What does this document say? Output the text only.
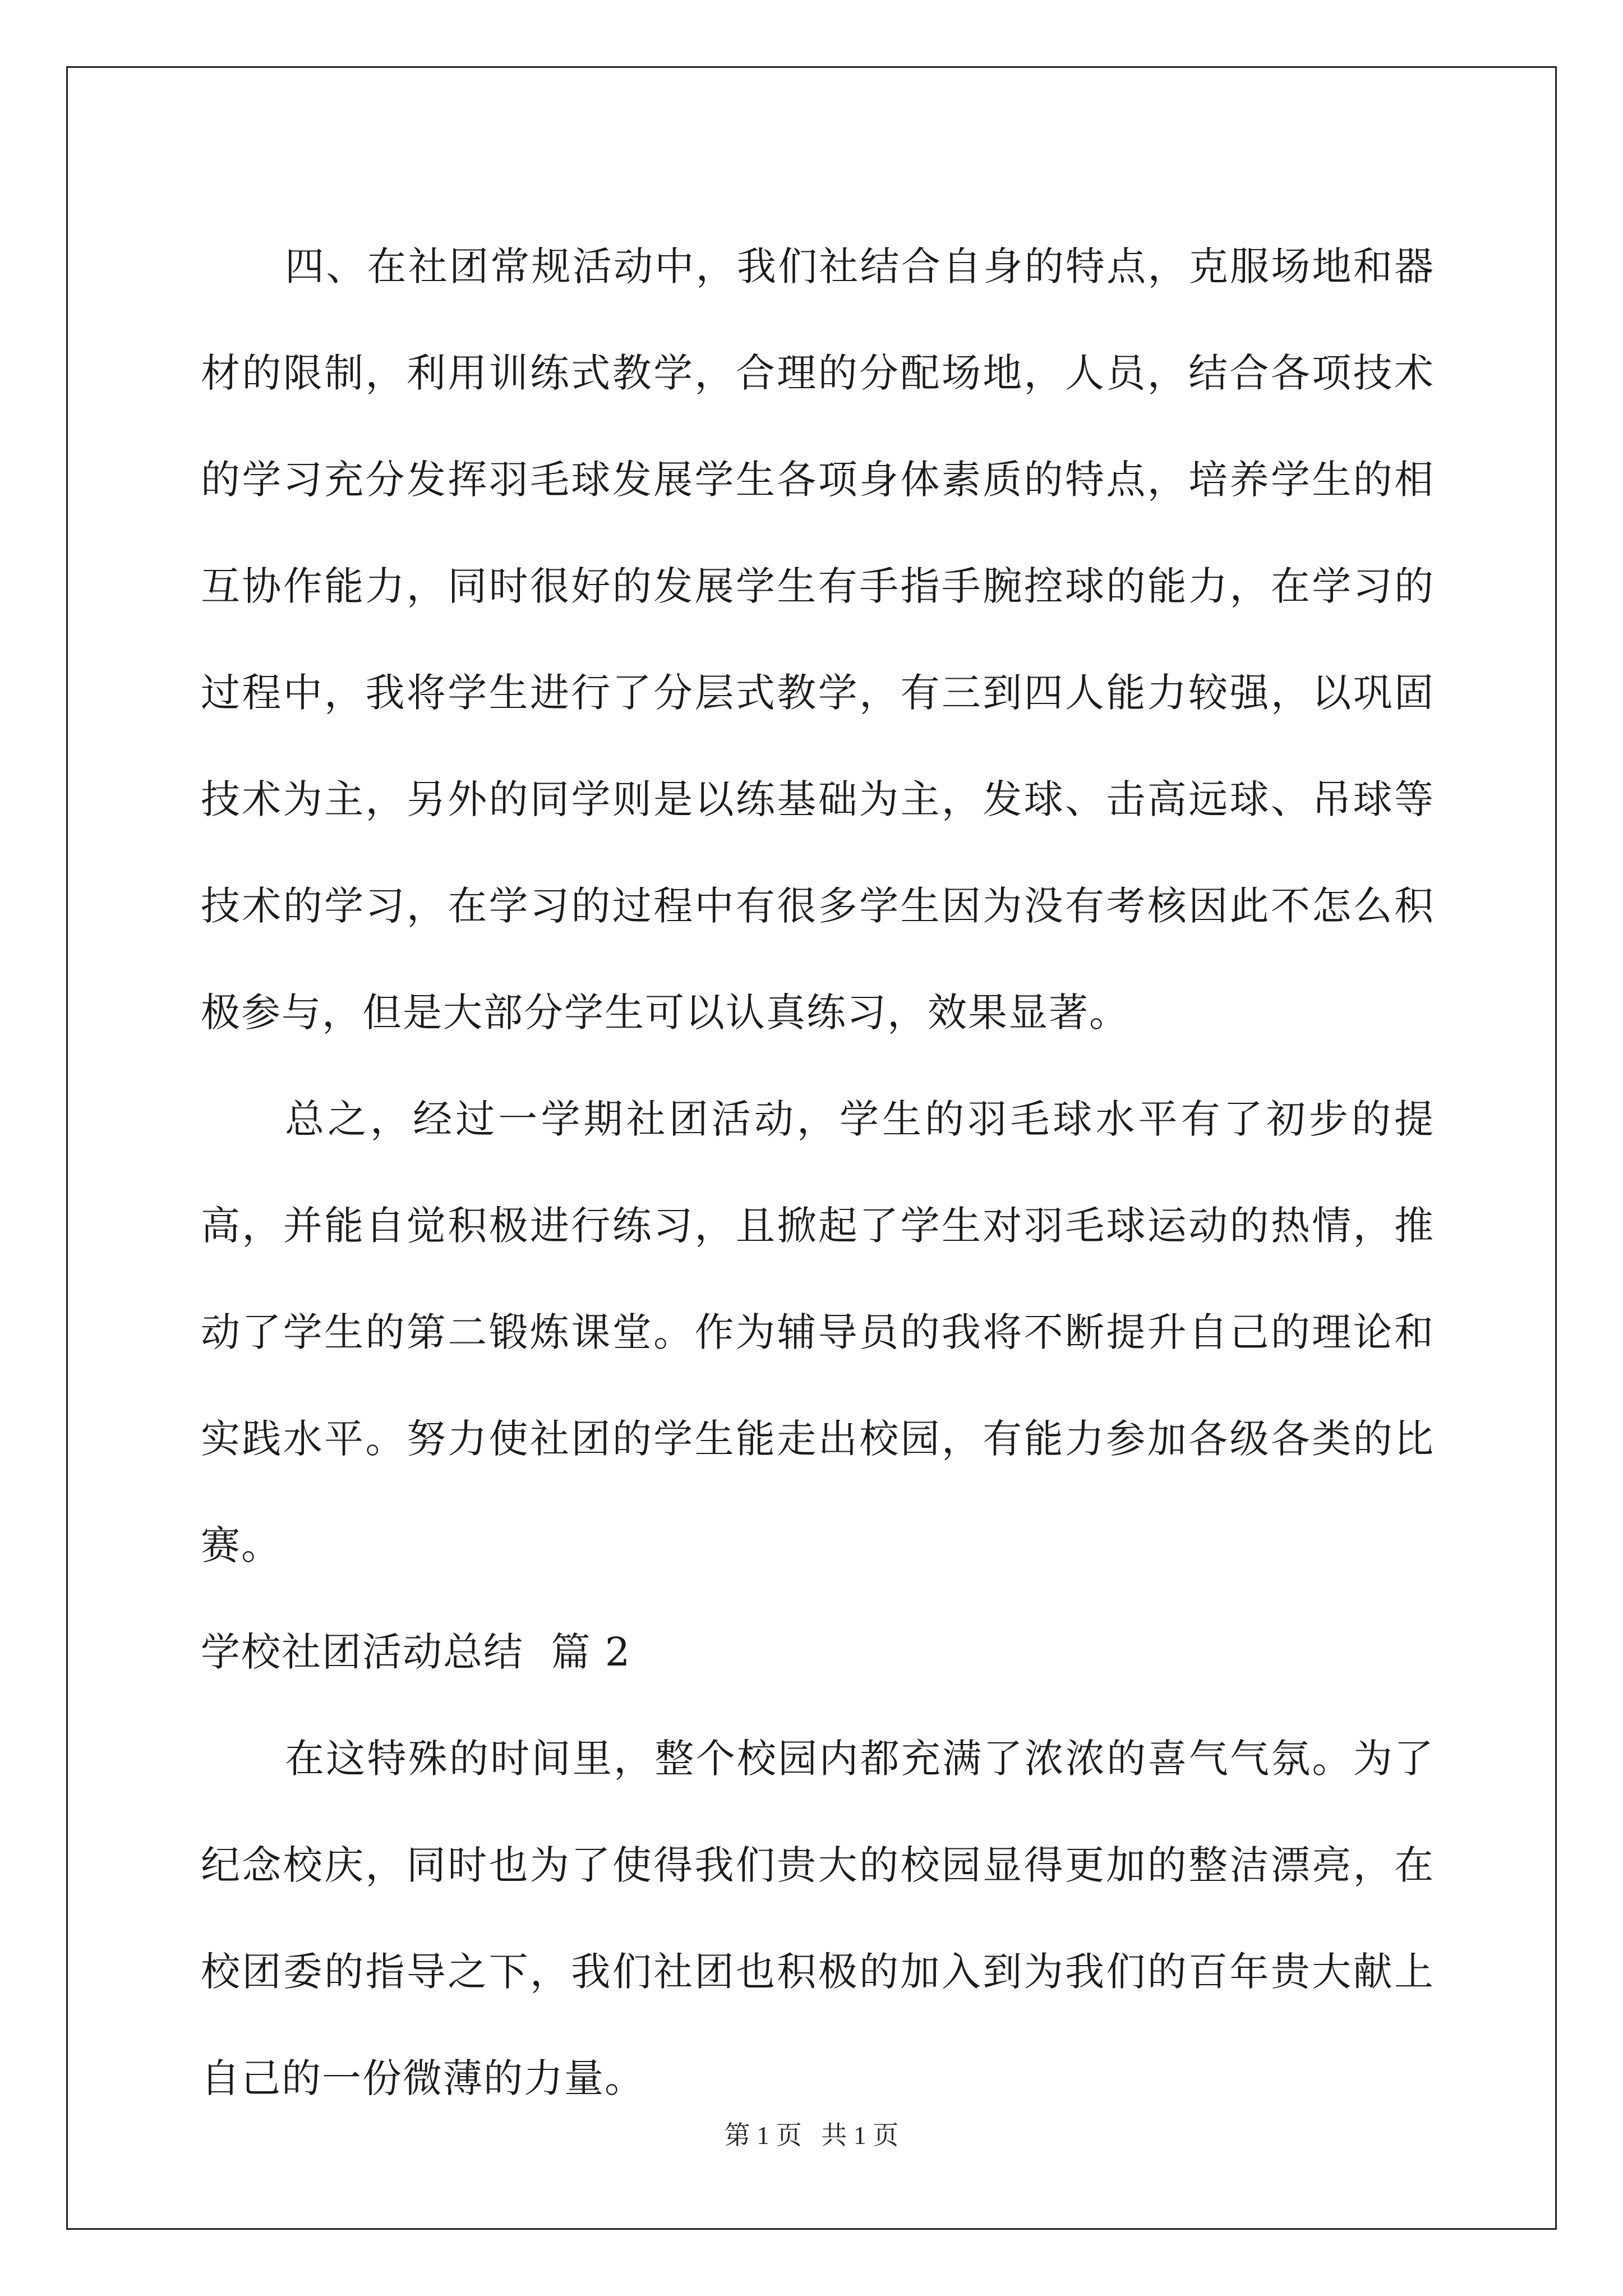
四、在社团常规活动中，我们社结合自身的特点，克服场地和器材的限制，利用训练式教学，合理的分配场地，人员，结合各项技术的学习充分发挥羽毛球发展学生各项身体素质的特点，培养学生的相互协作能力，同时很好的发展学生有手指手腕控球的能力，在学习的过程中，我将学生进行了分层式教学，有三到四人能力较强，以巩固技术为主，另外的同学则是以练基础为主，发球、击高远球、吊球等技术的学习，在学习的过程中有很多学生因为没有考核因此不怎么积极参与，但是大部分学生可以认真练习，效果显著。

总之，经过一学期社团活动，学生的羽毛球水平有了初步的提高，并能自觉积极进行练习，且掀起了学生对羽毛球运动的热情，推动了学生的第二锻炼课堂。作为辅导员的我将不断提升自己的理论和实践水平。努力使社团的学生能走出校园，有能力参加各级各类的比赛。

学校社团活动总结  篇 2

在这特殊的时间里，整个校园内都充满了浓浓的喜气气氛。为了纪念校庆，同时也为了使得我们贵大的校园显得更加的整洁漂亮，在校团委的指导之下，我们社团也积极的加入到为我们的百年贵大献上自己的一份微薄的力量。

第 1 页   共 1 页
